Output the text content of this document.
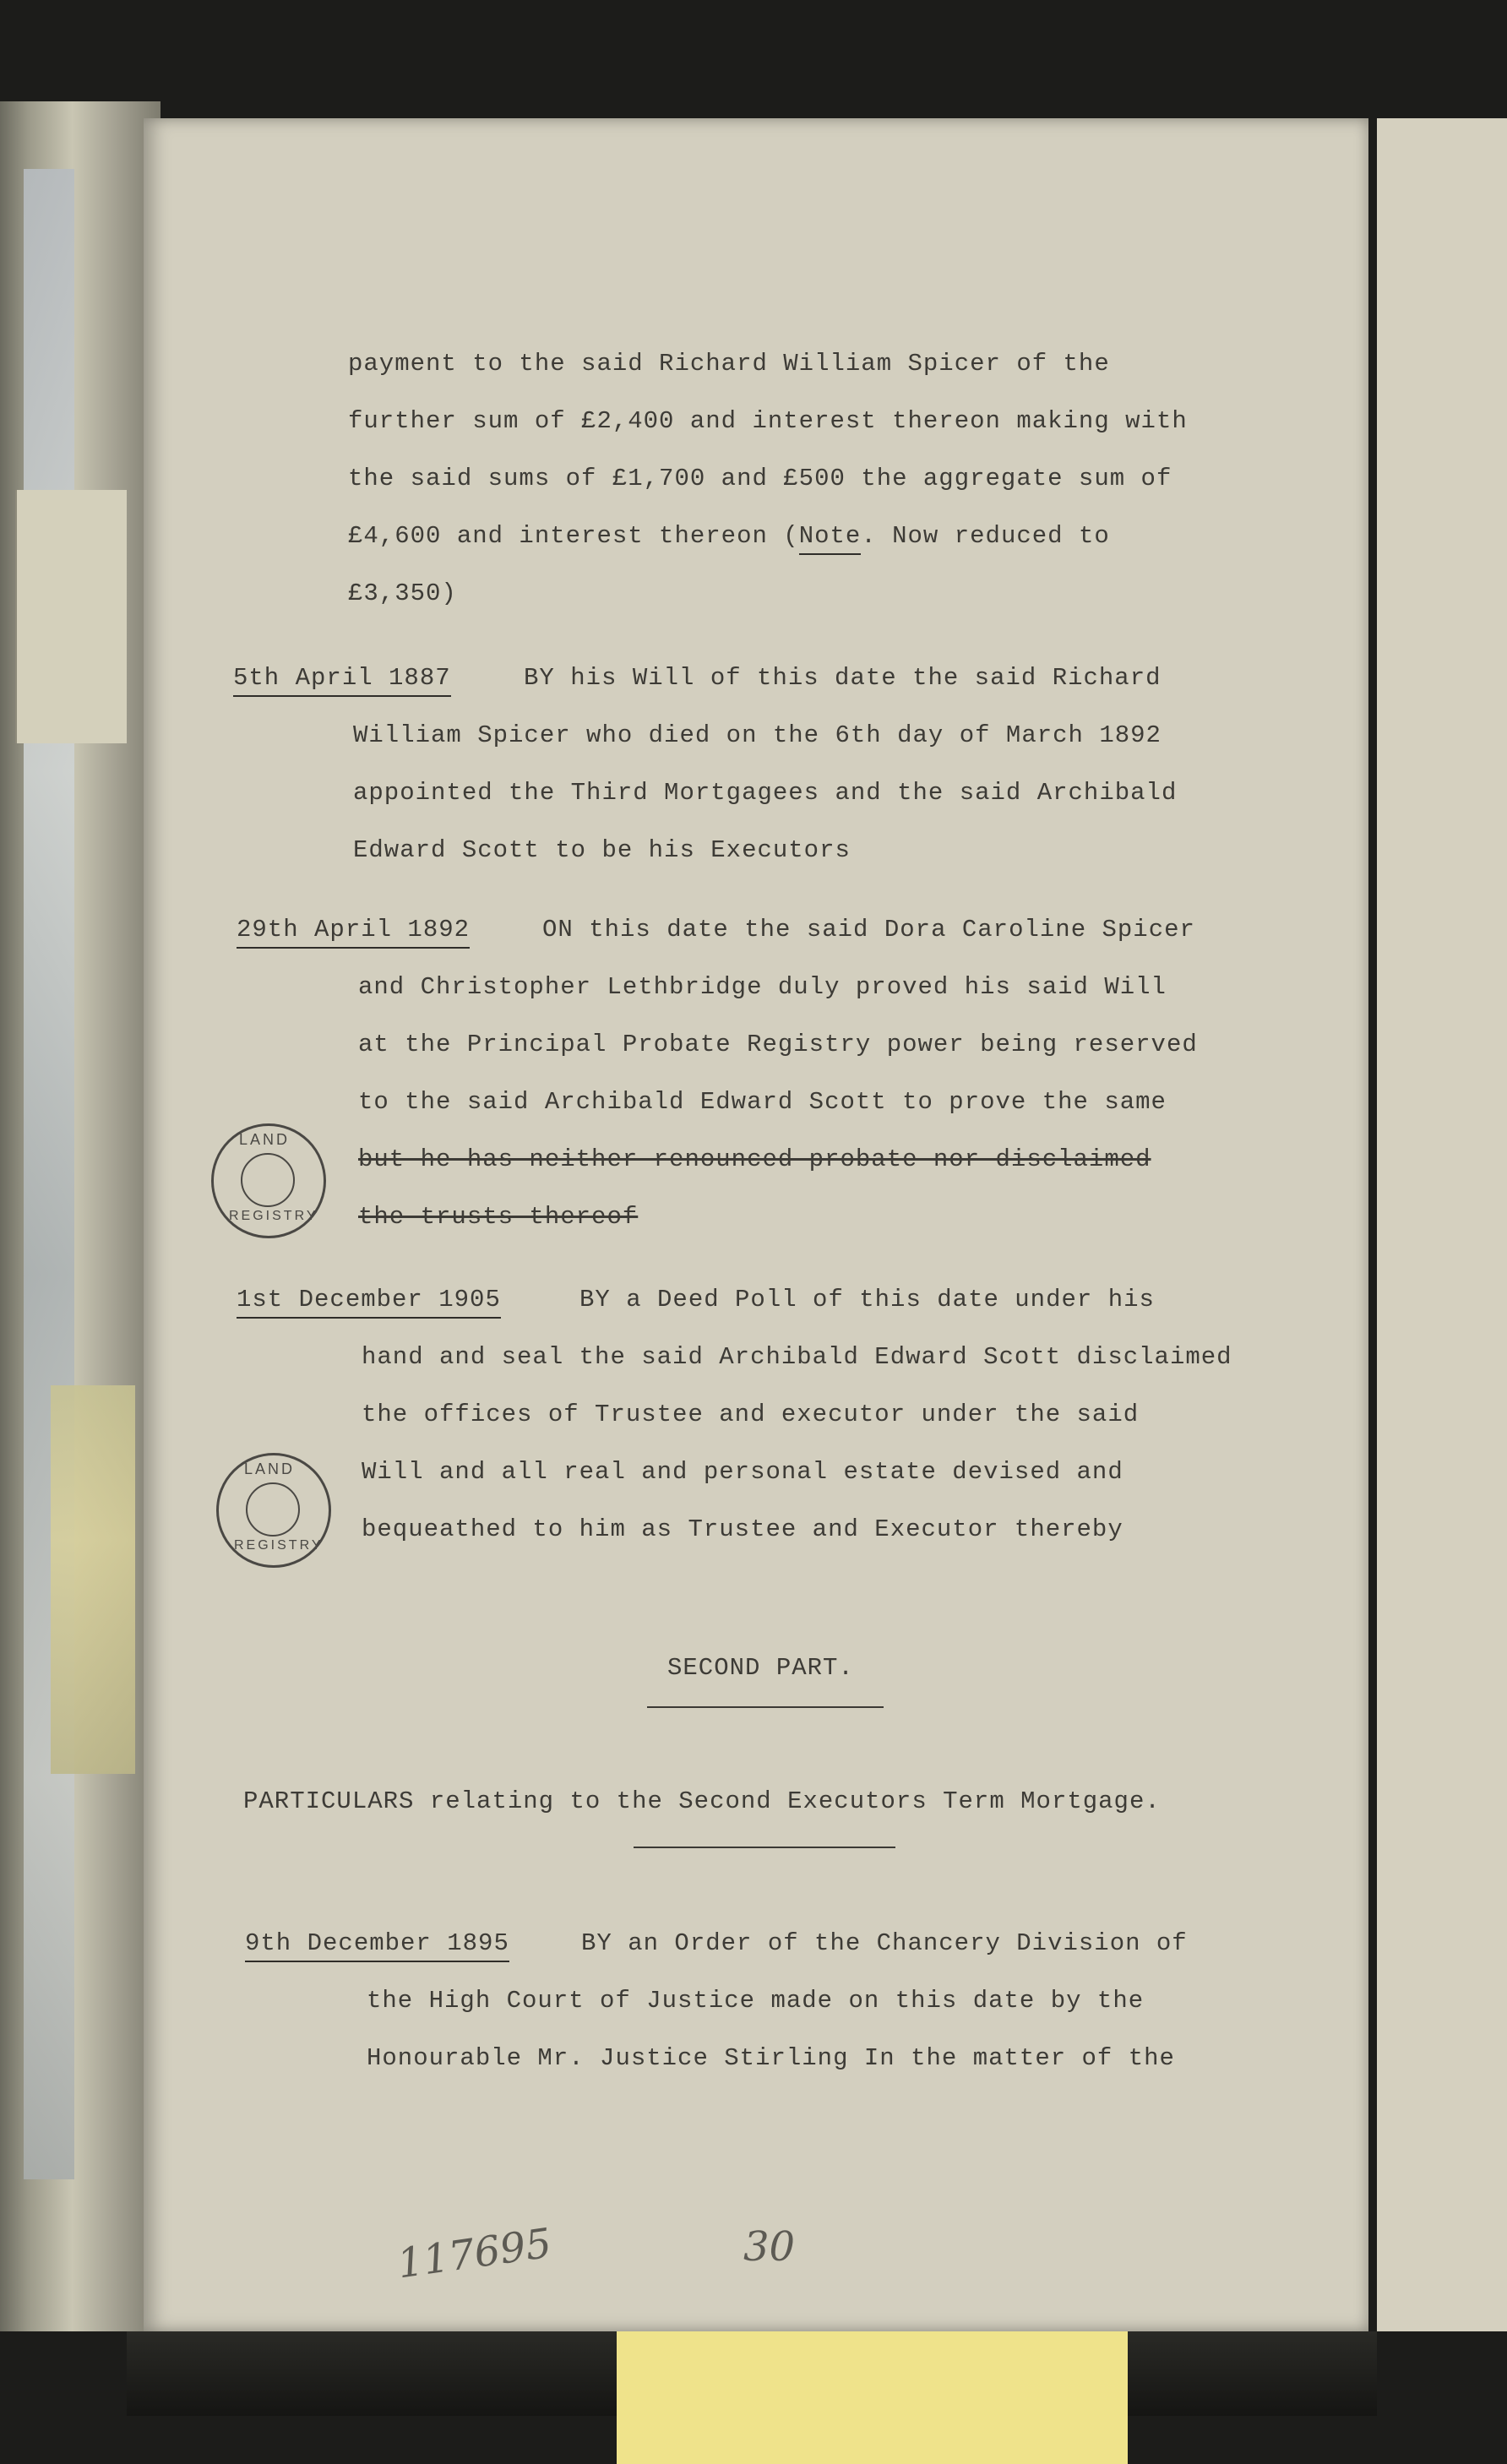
payment to the said Richard William Spicer of the
further sum of £2,400 and interest thereon making with
the said sums of £1,700 and £500 the aggregate sum of
£4,600 and interest thereon (Note. Now reduced to
£3,350)
5th April 1887	BY his Will of this date the said Richard
William Spicer who died on the 6th day of March 1892
appointed the Third Mortgagees and the said Archibald
Edward Scott to be his Executors
29th April 1892	ON this date the said Dora Caroline Spicer
and Christopher Lethbridge duly proved his said Will
at the Principal Probate Registry power being reserved
to the said Archibald Edward Scott to prove the same
but he has neither renounced probate nor disclaimed
the trusts thereof
LAND
REGISTRY
1st December 1905	BY a Deed Poll of this date under his
hand and seal the said Archibald Edward Scott disclaimed
the offices of Trustee and executor under the said
Will and all real and personal estate devised and
bequeathed to him as Trustee and Executor thereby
LAND
REGISTRY
SECOND PART.
PARTICULARS relating to the Second Executors Term Mortgage.
9th December 1895	BY an Order of the Chancery Division of
the High Court of Justice made on this date by the
Honourable Mr. Justice Stirling In the matter of the
117695	30
